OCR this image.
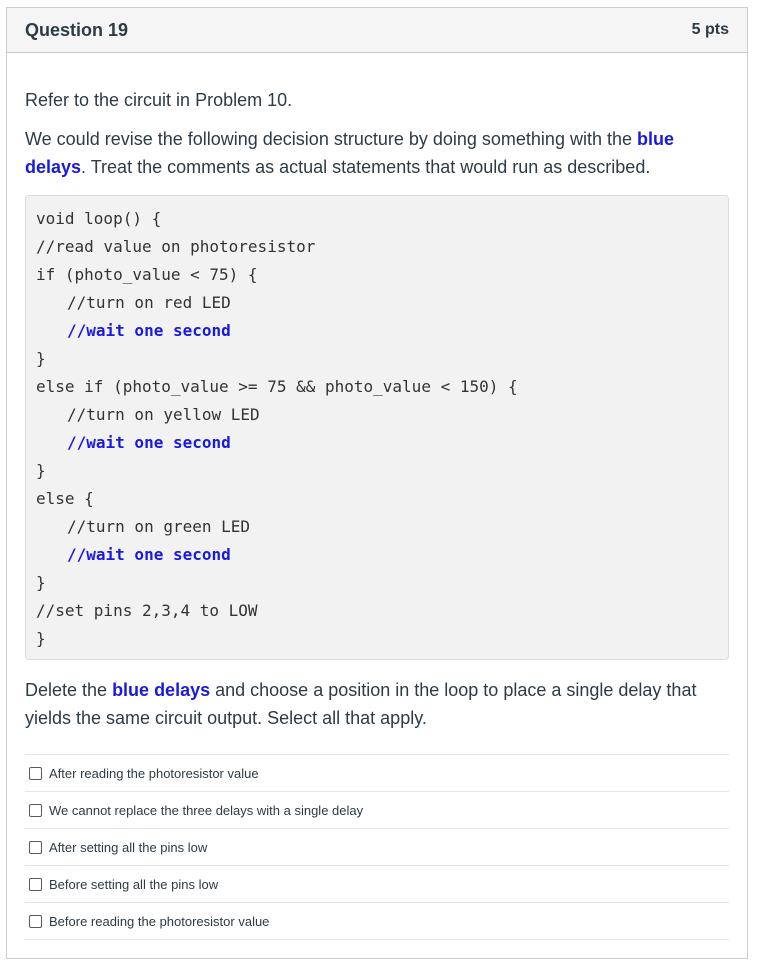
Question 19	5 pts

Refer to the circuit in Problem 10.

We could revise the following decision structure by doing something with the blue delays. Treat the comments as actual statements that would run as described.

void loop() {
//read value on photoresistor
if (photo_value < 75) {
//turn on red LED
//wait one second
}
else if (photo_value >= 75 && photo_value < 150) {
//turn on yellow LED
//wait one second
}
else {
//turn on green LED
//wait one second
}
//set pins 2,3,4 to LOW
}

Delete the blue delays and choose a position in the loop to place a single delay that yields the same circuit output. Select all that apply.

After reading the photoresistor value
We cannot replace the three delays with a single delay
After setting all the pins low
Before setting all the pins low
Before reading the photoresistor value
